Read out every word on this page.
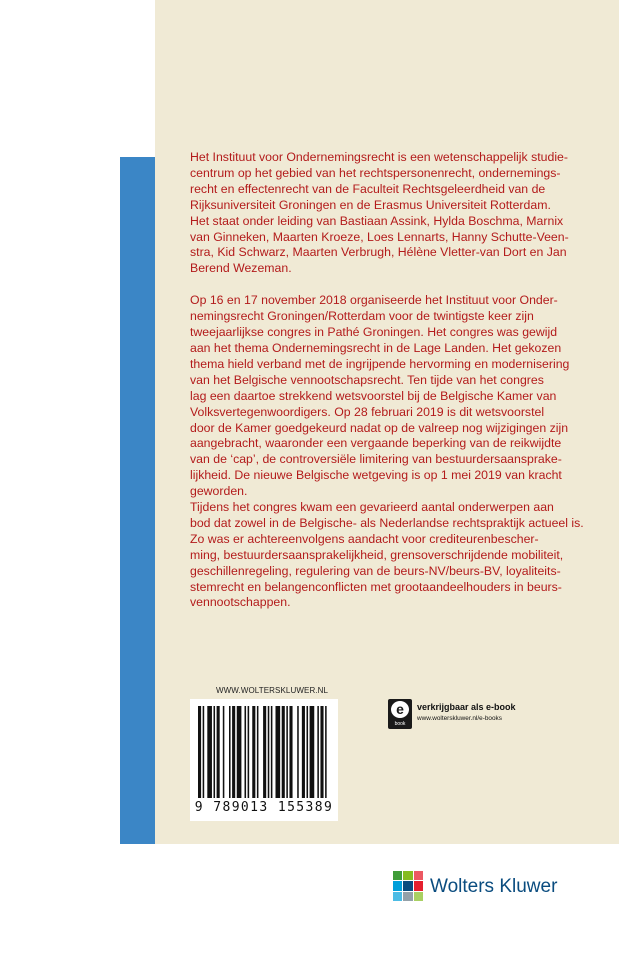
Het Instituut voor Ondernemingsrecht is een wetenschappelijk studie-
centrum op het gebied van het rechtspersonenrecht, ondernemings-
recht en effectenrecht van de Faculteit Rechtsgeleerdheid van de
Rijksuniversiteit Groningen en de Erasmus Universiteit Rotterdam.
Het staat onder leiding van Bastiaan Assink, Hylda Boschma, Marnix
van Ginneken, Maarten Kroeze, Loes Lennarts, Hanny Schutte-Veen-
stra, Kid Schwarz, Maarten Verbrugh, Hélène Vletter-van Dort en Jan
Berend Wezeman.

Op 16 en 17 november 2018 organiseerde het Instituut voor Onder-
nemingsrecht Groningen/Rotterdam voor de twintigste keer zijn
tweejaarlijkse congres in Pathé Groningen. Het congres was gewijd
aan het thema Ondernemingsrecht in de Lage Landen. Het gekozen
thema hield verband met de ingrijpende hervorming en modernisering
van het Belgische vennootschapsrecht. Ten tijde van het congres
lag een daartoe strekkend wetsvoorstel bij de Belgische Kamer van
Volksvertegenwoordigers. Op 28 februari 2019 is dit wetsvoorstel
door de Kamer goedgekeurd nadat op de valreep nog wijzigingen zijn
aangebracht, waaronder een vergaande beperking van de reikwijdte
van de ‘cap’, de controversiële limitering van bestuurdersaansprake-
lijkheid. De nieuwe Belgische wetgeving is op 1 mei 2019 van kracht
geworden.

Tijdens het congres kwam een gevarieerd aantal onderwerpen aan
bod dat zowel in de Belgische- als Nederlandse rechtspraktijk actueel is.
Zo was er achtereenvolgens aandacht voor crediteurenbescher-
ming, bestuurdersaansprakelijkheid, grensoverschrijdende mobiliteit,
geschillenregeling, regulering van de beurs-NV/beurs-BV, loyaliteits-
stemrecht en belangenconflicten met grootaandeelhouders in beurs-
vennootschappen.

WWW.WOLTERSKLUWER.NL
9 789013 155389
e
book
verkrijgbaar als e-book
www.wolterskluwer.nl/e-books
Wolters Kluwer
